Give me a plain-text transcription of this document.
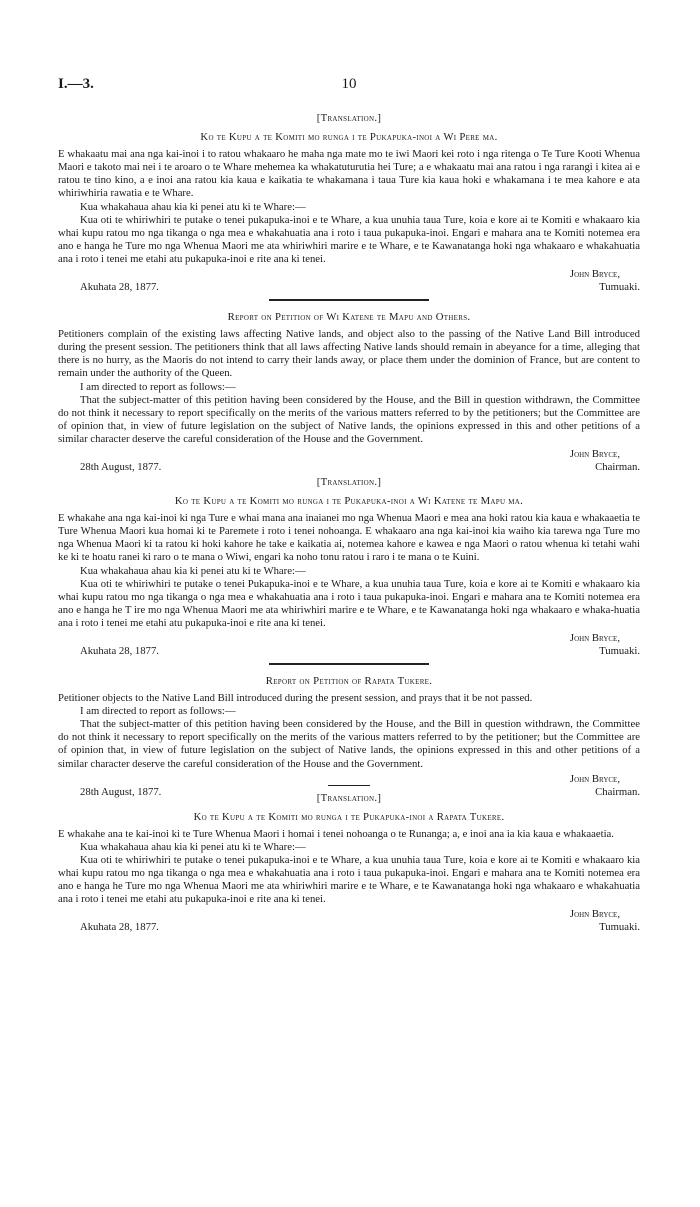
I.—3.	10
[Translation.]
Ko te Kupu a te Komiti mo runga i te Pukapuka-inoi a Wi Pere ma.

E whakaatu mai ana nga kai-inoi i to ratou whakaaro he maha nga mate mo te iwi Maori kei roto i nga ritenga o Te Ture Kooti Whenua Maori e takoto mai nei i te aroaro o te Whare mehemea ka whakatuturutia hei Ture; a e whakaatu mai ana ratou i nga rarangi i kitea ai e ratou te tino kino, a e inoi ana ratou kia kaua e kaikatia te whakamana i taua Ture kia kaua hoki e whakamana i te mea kahore e ata whiriwhiria rawatia e te Whare.

Kua whakahaua ahau kia ki penei atu ki te Whare:—

Kua oti te whiriwhiri te putake o tenei pukapuka-inoi e te Whare, a kua unuhia taua Ture, koia e kore ai te Komiti e whakaaro kia whai kupu ratou mo nga tikanga o nga mea e whakahuatia ana i roto i taua pukapuka-inoi. Engari e mahara ana te Komiti notemea era ano e hanga he Ture mo nga Whenua Maori me ata whiriwhiri marire e te Whare, e te Kawanatanga hoki nga whakaaro e whakahuatia ana i roto i tenei me etahi atu pukapuka-inoi e rite ana ki tenei.

John Bryce,
Akuhata 28, 1877.	Tumuaki.
Report on Petition of Wi Katene te Mapu and Others.

Petitioners complain of the existing laws affecting Native lands, and object also to the passing of the Native Land Bill introduced during the present session. The petitioners think that all laws affecting Native lands should remain in abeyance for a time, alleging that there is no hurry, as the Maoris do not intend to carry their lands away, or place them under the dominion of France, but are content to remain under the authority of the Queen.

I am directed to report as follows:—

That the subject-matter of this petition having been considered by the House, and the Bill in question withdrawn, the Committee do not think it necessary to report specifically on the merits of the various matters referred to by the petitioners; but the Committee are of opinion that, in view of future legislation on the subject of Native lands, the opinions expressed in this and other petitions of a similar character deserve the careful consideration of the House and the Government.

John Bryce,
28th August, 1877.	Chairman.
[Translation.]
Ko te Kupu a te Komiti mo runga i te Pukapuka-inoi a Wi Katene te Mapu ma.

E whakahe ana nga kai-inoi ki nga Ture e whai mana ana inaianei mo nga Whenua Maori e mea ana hoki ratou kia kaua e whakaaetia te Ture Whenua Maori kua homai ki te Paremete i roto i tenei nohoanga. E whakaaro ana nga kai-inoi kia waiho kia tarewa nga Ture mo nga Whenua Maori ki ta ratou ki hoki kahore he take e kaikatia ai, notemea kahore e kawea e nga Maori o ratou whenua ki tetahi wahi ke ki te hoatu ranei ki raro o te mana o Wiwi, engari ka noho tonu ratou i raro i te mana o te Kuini.

Kua whakahaua ahau kia ki penei atu ki te Whare:—

Kua oti te whiriwhiri te putake o tenei Pukapuka-inoi e te Whare, a kua unuhia taua Ture, koia e kore ai te Komiti e whakaaro kia whai kupu ratou mo nga tikanga o nga mea e whakahuatia ana i roto i taua pukapuka-inoi. Engari e mahara ana te Komiti notemea era ano e hanga he T ire mo nga Whenua Maori me ata whiriwhiri marire e te Whare, e te Kawanatanga hoki nga whakaaro e whaka-huatia ana i roto i tenei me etahi atu pukapuka-inoi e rite ana ki tenei.

John Bryce,
Akuhata 28, 1877.	Tumuaki.
Report on Petition of Rapata Tukere.

Petitioner objects to the Native Land Bill introduced during the present session, and prays that it be not passed.

I am directed to report as follows:—

That the subject-matter of this petition having been considered by the House, and the Bill in question withdrawn, the Committee do not think it necessary to report specifically on the merits of the various matters referred to by the petitioner; but the Committee are of opinion that, in view of future legislation on the subject of Native lands, the opinions expressed in this and other petitions of a similar character deserve the careful consideration of the House and the Government.

John Bryce,
28th August, 1877.	Chairman.
[Translation.]
Ko te Kupu a te Komiti mo runga i te Pukapuka-inoi a Rapata Tukere.

E whakahe ana te kai-inoi ki te Ture Whenua Maori i homai i tenei nohoanga o te Runanga; a, e inoi ana ia kia kaua e whakaaetia.

Kua whakahaua ahau kia ki penei atu ki te Whare:—

Kua oti te whiriwhiri te putake o tenei pukapuka-inoi e te Whare, a kua unuhia taua Ture, koia e kore ai te Komiti e whakaaro kia whai kupu ratou mo nga tikanga o nga mea e whakahuatia ana i roto i taua pukapuka-inoi. Engari e mahara ana te Komiti notemea era ano e hanga he Ture mo nga Whenua Maori me ata whiriwhiri marire e te Whare, e te Kawanatanga hoki nga whakaaro e whakahuatia ana i roto i tenei me etahi atu pukapuka-inoi e rite ana ki tenei.

John Bryce,
Akuhata 28, 1877.	Tumuaki.
